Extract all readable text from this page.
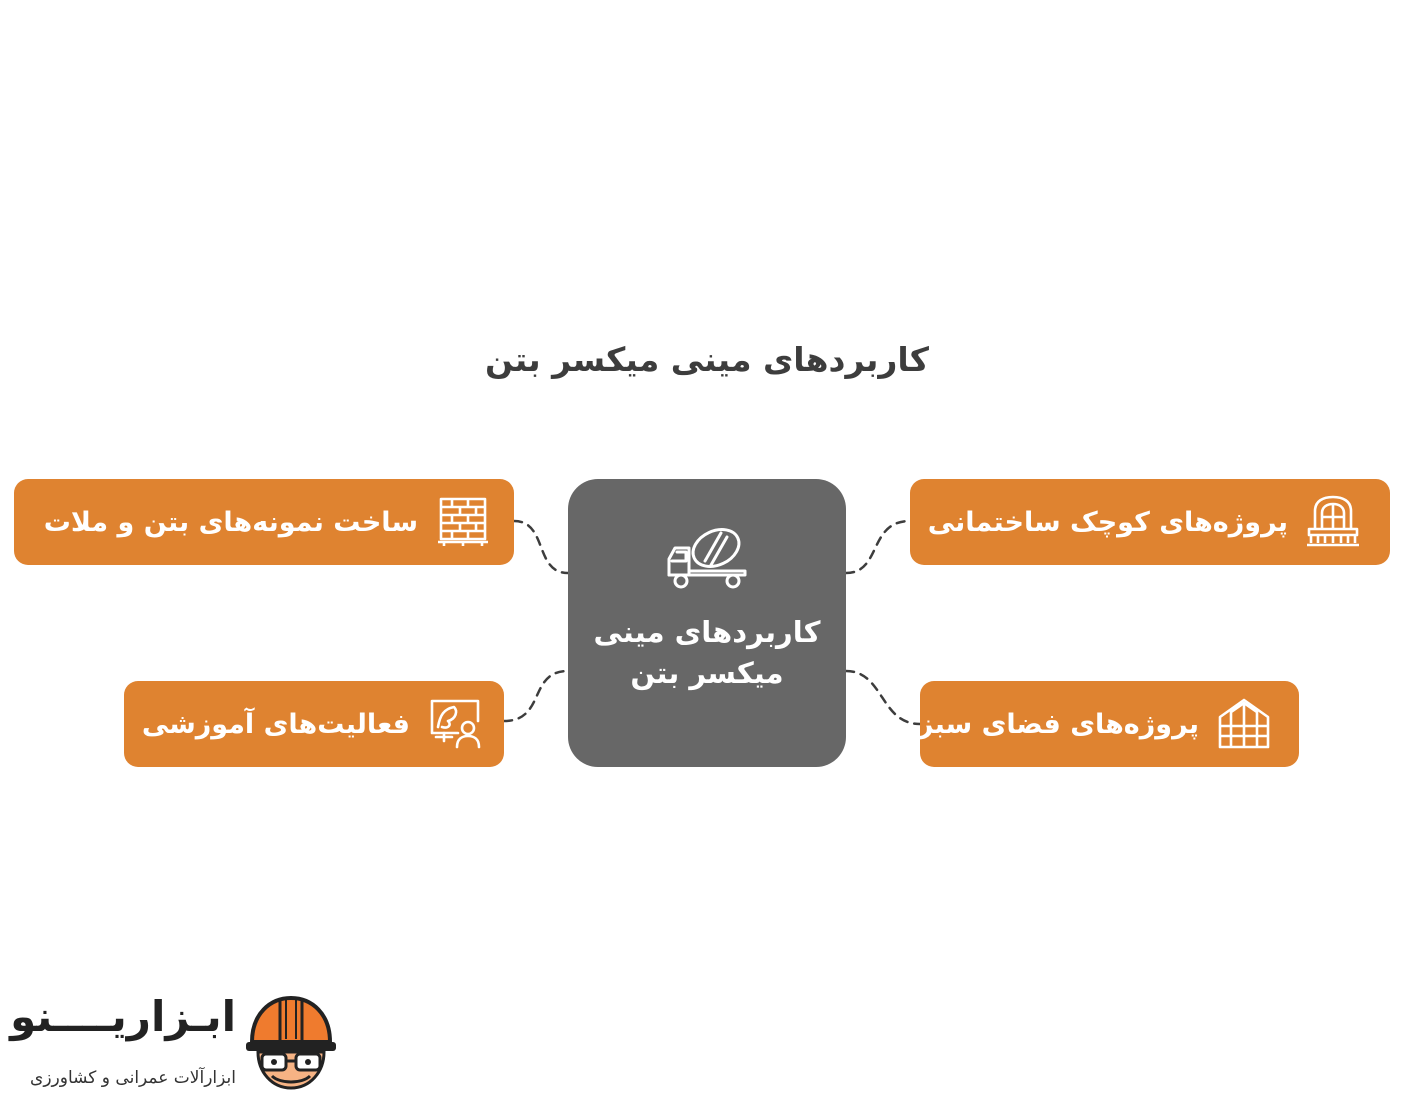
کاربردهای مینی میکسر بتن
کاربردهای مینی میکسر بتن
ساخت نمونه‌های بتن و ملات
فعالیت‌های آموزشی
پروژه‌های کوچک ساختمانی
پروژه‌های فضای سبز
ابـزاریــــنو
ابزارآلات عمرانی و کشاورزی
